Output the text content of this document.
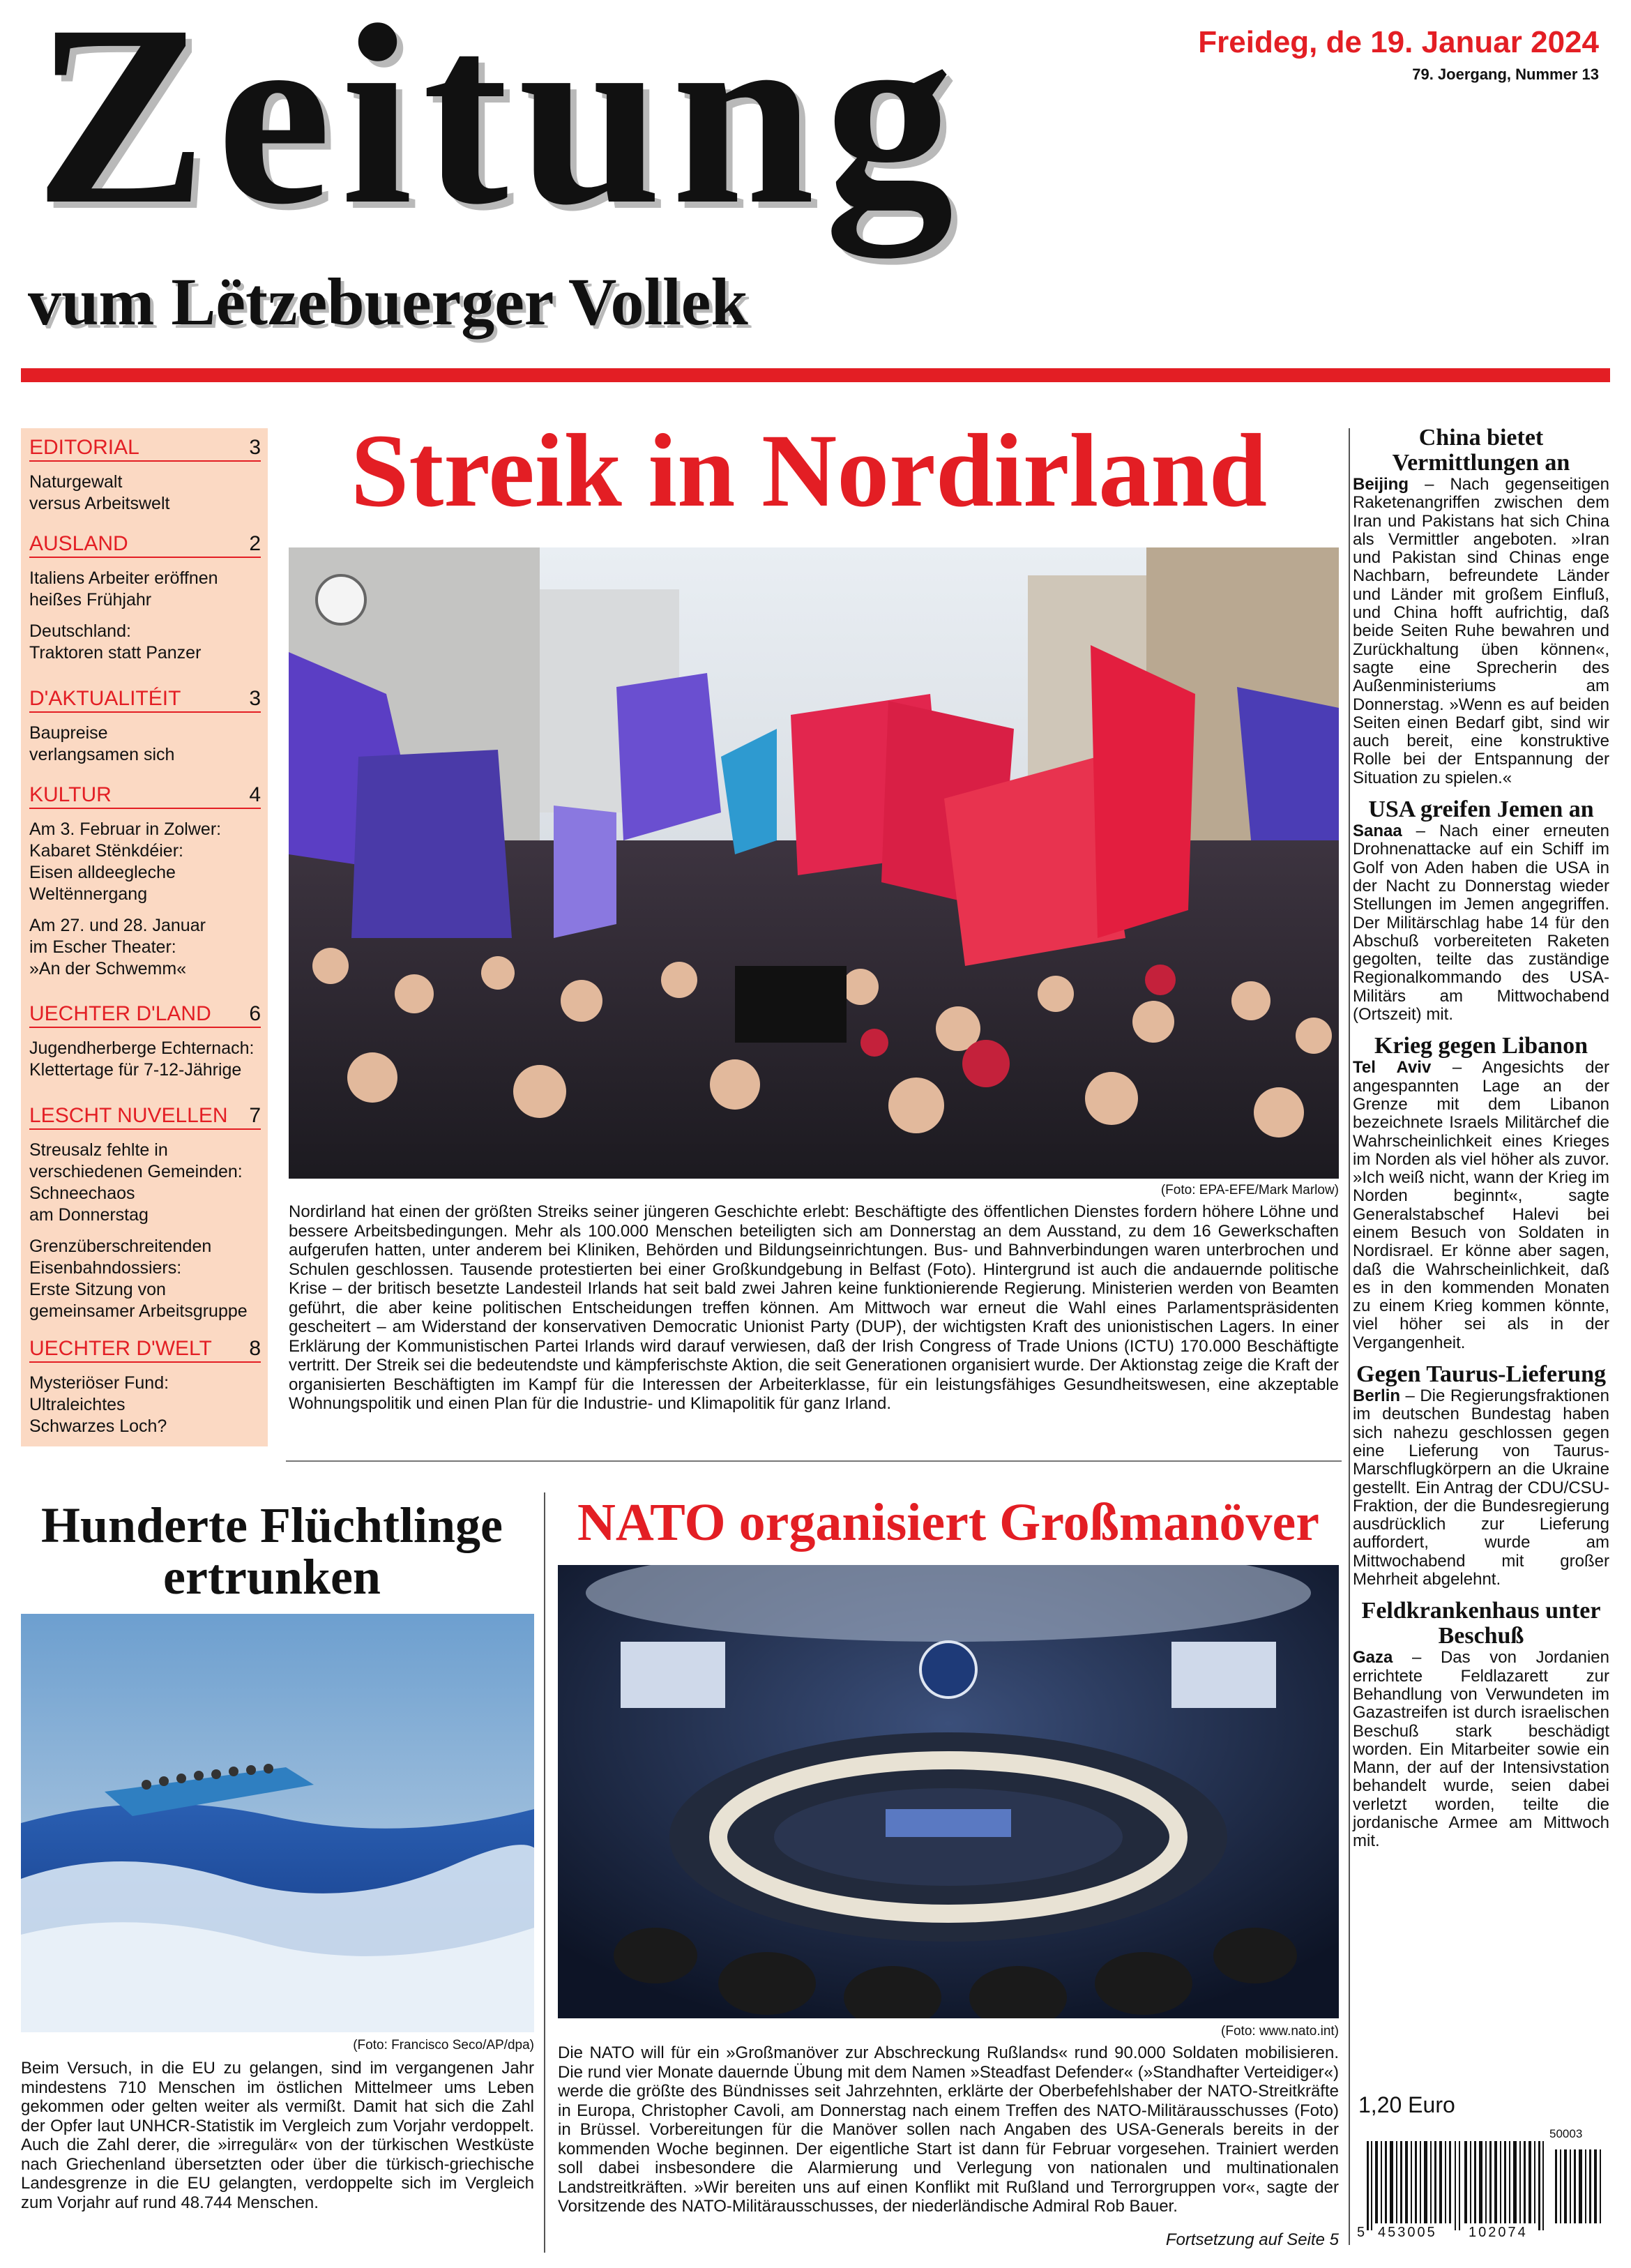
Zeitung
vum Lëtzebuerger Vollek
Freideg, de 19. Januar 2024
79. Joergang, Nummer 13
EDITORIAL	3
Naturgewalt
versus Arbeitswelt
AUSLAND	2
Italiens Arbeiter eröffnen
heißes Frühjahr
Deutschland:
Traktoren statt Panzer
D'AKTUALITÉIT	3
Baupreise
verlangsamen sich
KULTUR	4
Am 3. Februar in Zolwer:
Kabaret Stënkdéier:
Eisen alldeegleche
Weltënnergang
Am 27. und 28. Januar
im Escher Theater:
»An der Schwemm«
UECHTER D'LAND 6
Jugendherberge Echternach:
Klettertage für 7-12-Jährige
LESCHT NUVELLEN 7
Streusalz fehlte in
verschiedenen Gemeinden:
Schneechaos
am Donnerstag
Grenzüberschreitenden
Eisenbahndossiers:
Erste Sitzung von
gemeinsamer Arbeitsgruppe
UECHTER D'WELT 8
Mysteriöser Fund:
Ultraleichtes
Schwarzes Loch?
Streik in Nordirland
(Foto: EPA-EFE/Mark Marlow)
Nordirland hat einen der größten Streiks seiner jüngeren Geschichte erlebt: Beschäftigte des öffentlichen Dienstes fordern höhere Löhne und bessere Arbeitsbedingungen. Mehr als 100.000 Menschen beteiligten sich am Donnerstag an dem Ausstand, zu dem 16 Gewerkschaften aufgerufen hatten, unter anderem bei Kliniken, Behörden und Bildungseinrichtungen. Bus- und Bahnverbindungen waren unterbrochen und Schulen geschlossen. Tausende protestierten bei einer Großkundgebung in Belfast (Foto). Hintergrund ist auch die andauernde politische Krise – der britisch besetzte Landesteil Irlands hat seit bald zwei Jahren keine funktionierende Regierung. Ministerien werden von Beamten geführt, die aber keine politischen Entscheidungen treffen können. Am Mittwoch war erneut die Wahl eines Parlamentspräsidenten gescheitert – am Widerstand der konservativen Democratic Unionist Party (DUP), der wichtigsten Kraft des unionistischen Lagers. In einer Erklärung der Kommunistischen Partei Irlands wird darauf verwiesen, daß der Irish Congress of Trade Unions (ICTU) 170.000 Beschäftigte vertritt. Der Streik sei die bedeutendste und kämpferischste Aktion, die seit Generationen organisiert wurde. Der Aktionstag zeige die Kraft der organisierten Beschäftigten im Kampf für die Interessen der Arbeiterklasse, für ein leistungsfähiges Gesundheitswesen, eine akzeptable Wohnungspolitik und einen Plan für die Industrie- und Klimapolitik für ganz Irland.
Hunderte Flüchtlinge ertrunken
(Foto: Francisco Seco/AP/dpa)
Beim Versuch, in die EU zu gelangen, sind im vergangenen Jahr mindestens 710 Menschen im östlichen Mittelmeer ums Leben gekommen oder gelten weiter als vermißt. Damit hat sich die Zahl der Opfer laut UNHCR-Statistik im Vergleich zum Vorjahr verdoppelt. Auch die Zahl derer, die »irregulär« von der türkischen Westküste nach Griechenland übersetzten oder über die türkisch-griechische Landesgrenze in die EU gelangten, verdoppelte sich im Vergleich zum Vorjahr auf rund 48.744 Menschen.
NATO organisiert Großmanöver
(Foto: www.nato.int)
Die NATO will für ein »Großmanöver zur Abschreckung Rußlands« rund 90.000 Soldaten mobilisieren. Die rund vier Monate dauernde Übung mit dem Namen »Steadfast Defender« (»Standhafter Verteidiger«) werde die größte des Bündnisses seit Jahrzehnten, erklärte der Oberbefehlshaber der NATO-Streitkräfte in Europa, Christopher Cavoli, am Donnerstag nach einem Treffen des NATO-Militärausschusses (Foto) in Brüssel. Vorbereitungen für die Manöver sollen nach Angaben des USA-Generals bereits in der kommenden Woche beginnen. Der eigentliche Start ist dann für Februar vorgesehen. Trainiert werden soll dabei insbesondere die Alarmierung und Verlegung von nationalen und multinationalen Landstreitkräften. »Wir bereiten uns auf einen Konflikt mit Rußland und Terrorgruppen vor«, sagte der Vorsitzende des NATO-Militärausschusses, der niederländische Admiral Rob Bauer.
Fortsetzung auf Seite 5
China bietet Vermittlungen an
Beijing – Nach gegenseitigen Raketenangriffen zwischen dem Iran und Pakistans hat sich China als Vermittler angeboten. »Iran und Pakistan sind Chinas enge Nachbarn, befreundete Länder und Länder mit großem Einfluß, und China hofft aufrichtig, daß beide Seiten Ruhe bewahren und Zurückhaltung üben können«, sagte eine Sprecherin des Außenministeriums am Donnerstag. »Wenn es auf beiden Seiten einen Bedarf gibt, sind wir auch bereit, eine konstruktive Rolle bei der Entspannung der Situation zu spielen.«
USA greifen Jemen an
Sanaa – Nach einer erneuten Drohnenattacke auf ein Schiff im Golf von Aden haben die USA in der Nacht zu Donnerstag wieder Stellungen im Jemen angegriffen. Der Militärschlag habe 14 für den Abschuß vorbereiteten Raketen gegolten, teilte das zuständige Regionalkommando des USA-Militärs am Mittwochabend (Ortszeit) mit.
Krieg gegen Libanon
Tel Aviv – Angesichts der angespannten Lage an der Grenze mit dem Libanon bezeichnete Israels Militärchef die Wahrscheinlichkeit eines Krieges im Norden als viel höher als zuvor. »Ich weiß nicht, wann der Krieg im Norden beginnt«, sagte Generalstabschef Halevi bei einem Besuch von Soldaten in Nordisrael. Er könne aber sagen, daß die Wahrscheinlichkeit, daß es in den kommenden Monaten zu einem Krieg kommen könnte, viel höher sei als in der Vergangenheit.
Gegen Taurus-Lieferung
Berlin – Die Regierungsfraktionen im deutschen Bundestag haben sich nahezu geschlossen gegen eine Lieferung von Taurus-Marschflugkörpern an die Ukraine gestellt. Ein Antrag der CDU/CSU-Fraktion, der die Bundesregierung ausdrücklich zur Lieferung auffordert, wurde am Mittwochabend mit großer Mehrheit abgelehnt.
Feldkrankenhaus unter Beschuß
Gaza – Das von Jordanien errichtete Feldlazarett zur Behandlung von Verwundeten im Gazastreifen ist durch israelischen Beschuß stark beschädigt worden. Ein Mitarbeiter sowie ein Mann, der auf der Intensivstation behandelt wurde, seien dabei verletzt worden, teilte die jordanische Armee am Mittwoch mit.
1,20 Euro
50003
5 453005 102074
